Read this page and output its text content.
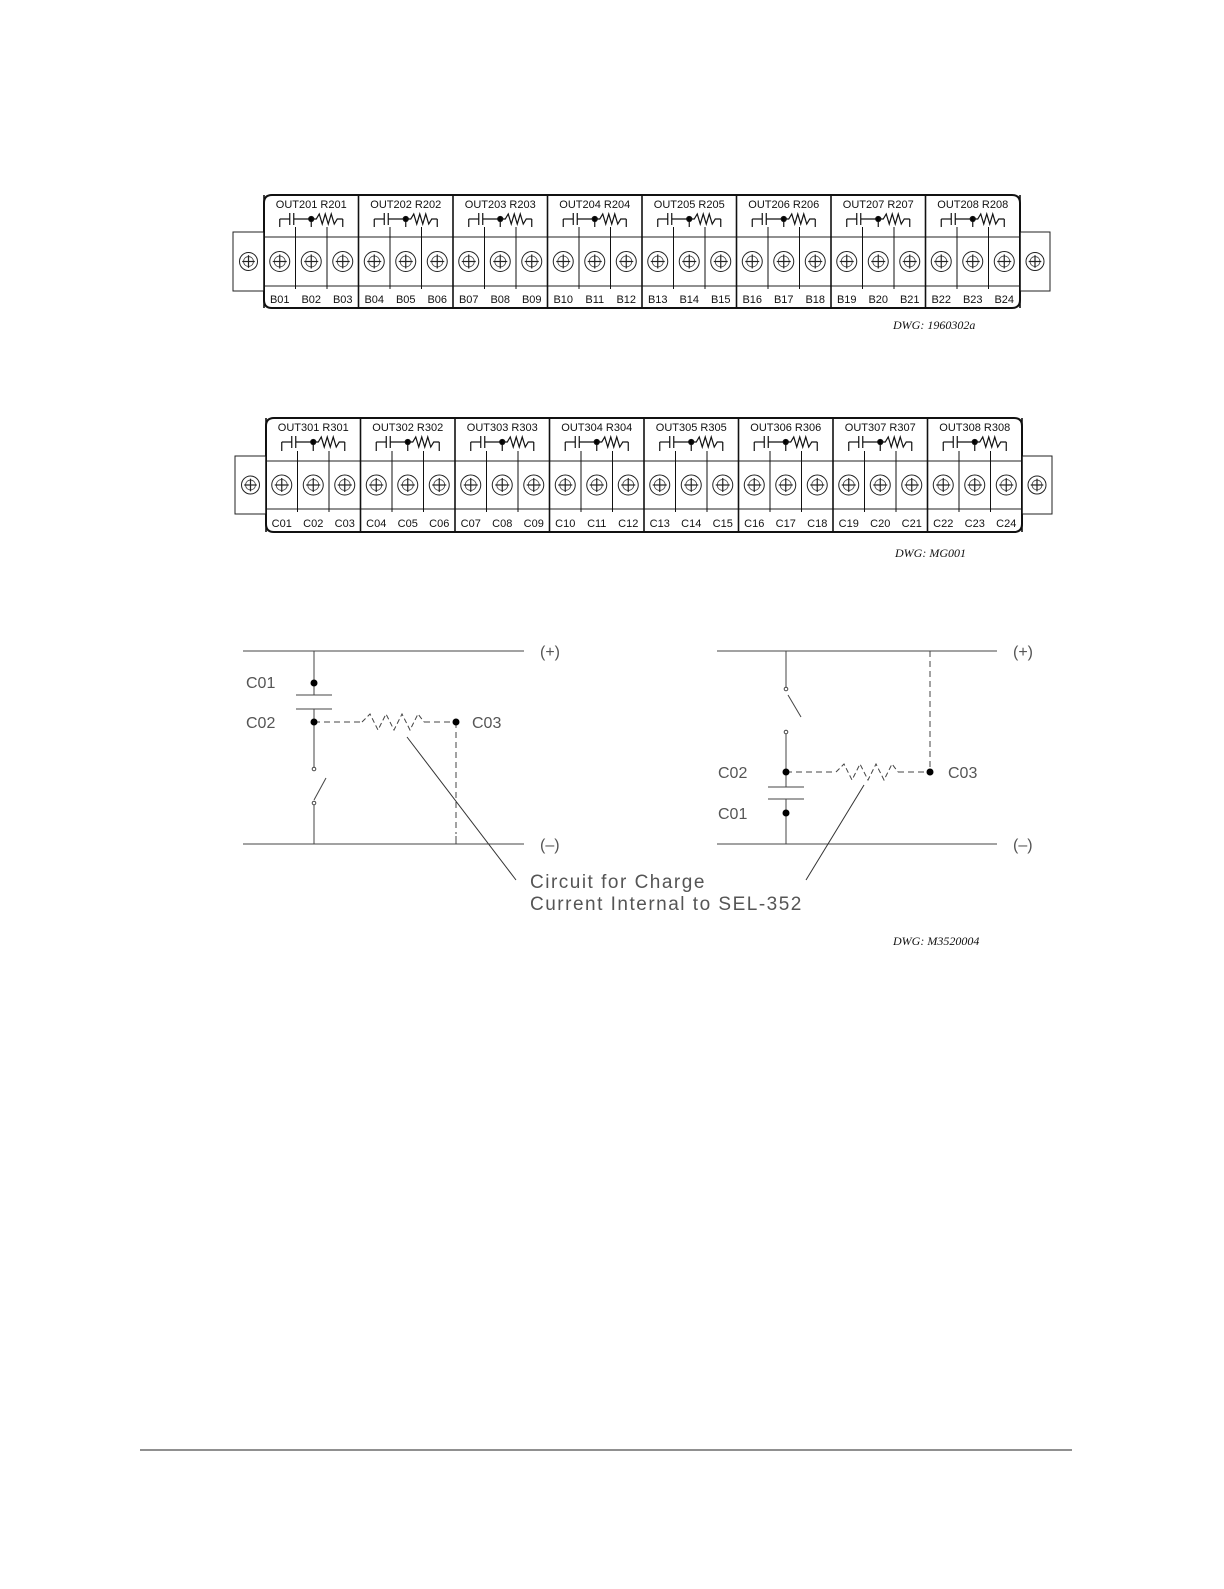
B01 B02 B03 B04 B05 B06 B07 B08 B09 B10 B11 B12 B13 B14 B15 B16 B17 B18 B19 B20 B21 B22 B23 B24
OUT201 R201 OUT202 R202 OUT203 R203 OUT204 R204 OUT205 R205 OUT206 R206 OUT207 R207 OUT208 R208
DWG: 1960302a
C01 C02 C03 C04 C05 C06 C07 C08 C09 C10 C11 C12 C13 C14 C15 C16 C17 C18 C19 C20 C21 C22 C23 C24
OUT301 R301 OUT302 R302 OUT303 R303 OUT304 R304 OUT305 R305 OUT306 R306 OUT307 R307 OUT308 R308
DWG: MG001
(+)
(–)
C01
C02	C03
(+)
(–)
C02
C01
C03
Circuit for Charge
Current Internal to SEL-352
DWG: M3520004
